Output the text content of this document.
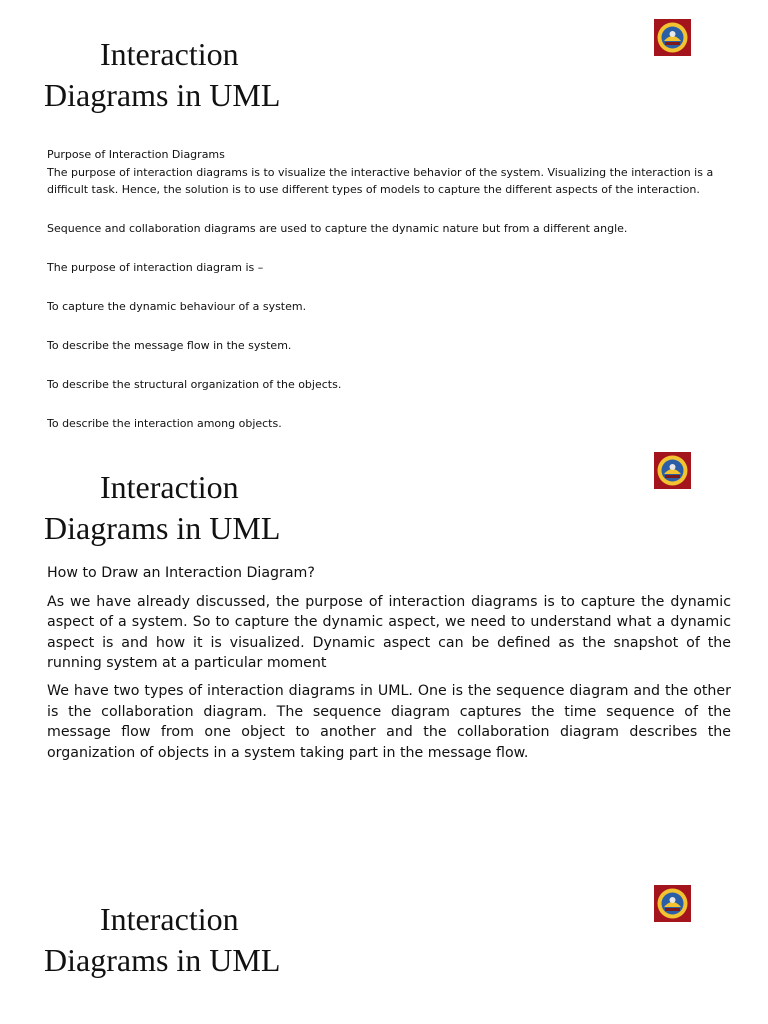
Interaction
Diagrams in UML

Purpose of Interaction Diagrams

The purpose of interaction diagrams is to visualize the interactive behavior of the system. Visualizing the interaction is a difficult task. Hence, the solution is to use different types of models to capture the different aspects of the interaction.

Sequence and collaboration diagrams are used to capture the dynamic nature but from a different angle.

The purpose of interaction diagram is –

To capture the dynamic behaviour of a system.

To describe the message flow in the system.

To describe the structural organization of the objects.

To describe the interaction among objects.

Interaction
Diagrams in UML

How to Draw an Interaction Diagram?

As we have already discussed, the purpose of interaction diagrams is to capture the dynamic aspect of a system. So to capture the dynamic aspect, we need to understand what a dynamic aspect is and how it is visualized. Dynamic aspect can be defined as the snapshot of the running system at a particular moment

We have two types of interaction diagrams in UML. One is the sequence diagram and the other is the collaboration diagram. The sequence diagram captures the time sequence of the message flow from one object to another and the collaboration diagram describes the organization of objects in a system taking part in the message flow.

Interaction
Diagrams in UML
